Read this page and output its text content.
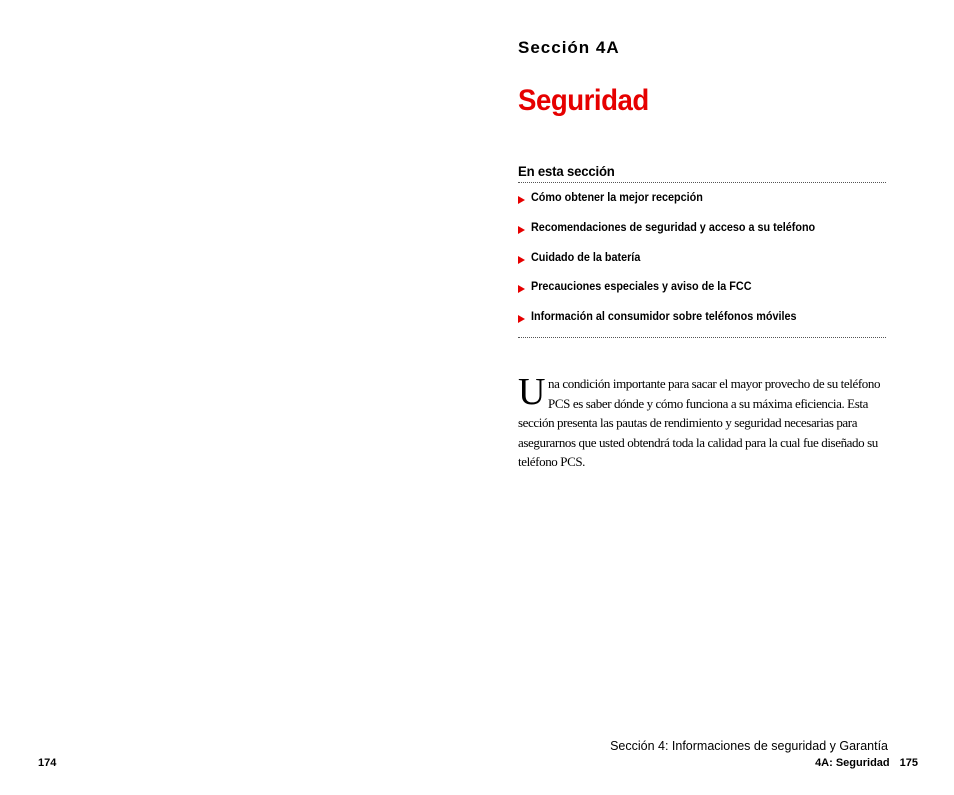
Sección 4A
Seguridad
En esta sección
Cómo obtener la mejor recepción
Recomendaciones de seguridad y acceso a su teléfono
Cuidado de la batería
Precauciones especiales y aviso de la FCC
Información al consumidor sobre teléfonos móviles
Una condición importante para sacar el mayor provecho de su teléfono PCS es saber dónde y cómo funciona a su máxima eficiencia. Esta sección presenta las pautas de rendimiento y seguridad necesarias para asegurarnos que usted obtendrá toda la calidad para la cual fue diseñado su teléfono PCS.
Sección 4: Informaciones de seguridad y Garantía
174	4A: Seguridad 175
